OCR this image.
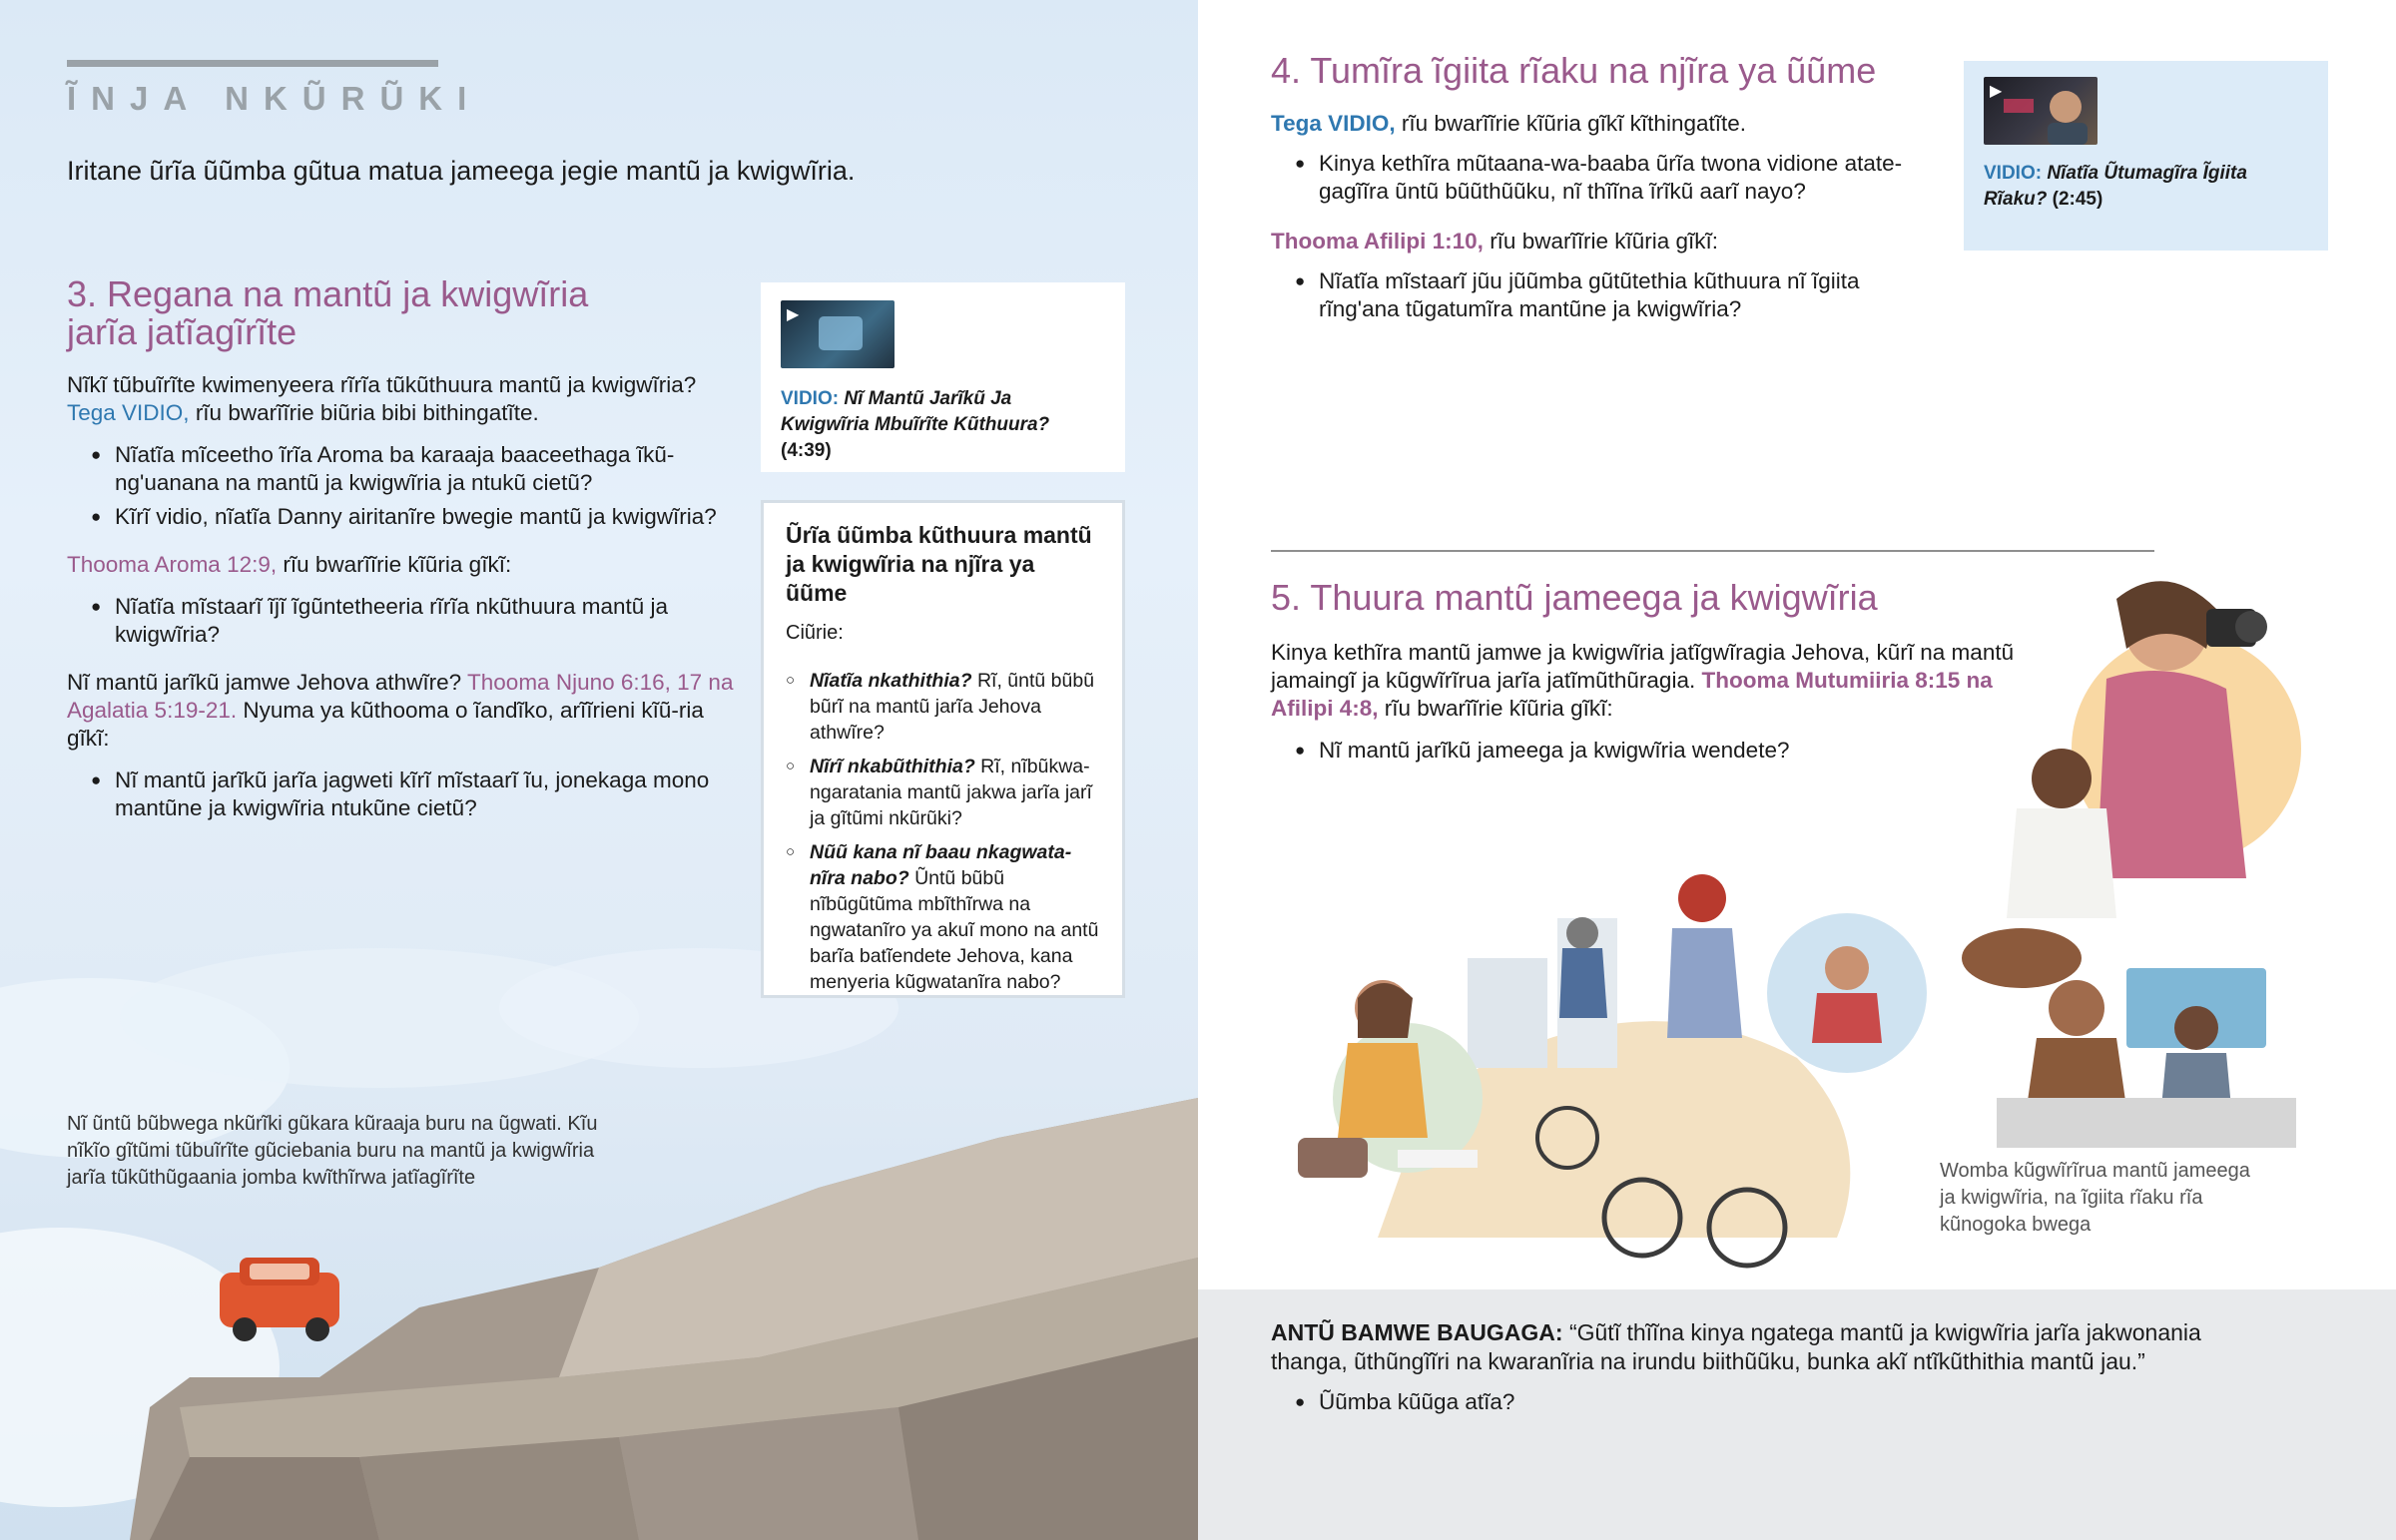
ĨNJA NKŨRŨKI
Iritane ũrĩa ũũmba gũtua matua jameega jegie mantũ ja kwigwĩria.
3. Regana na mantũ ja kwigwĩria
jarĩa jatĩagĩrĩte

Nĩkĩ tũbuĩrĩte kwimenyeera rĩrĩa tũkũthuura mantũ ja kwigwĩria?
Tega VIDIO, rĩu bwarĩĩrie biũria bibi bithingatĩte.

● Nĩatĩa mĩceetho ĩrĩa Aroma ba karaaja baaceethaga ĩkũ-ng'uanana na mantũ ja kwigwĩria ja ntukũ cietũ?
● Kĩrĩ vidio, nĩatĩa Danny airitanĩre bwegie mantũ ja kwigwĩria?

Thooma Aroma 12:9, rĩu bwarĩĩrie kĩũria gĩkĩ:

● Nĩatĩa mĩstaarĩ ĩjĩ ĩgũntetheeria rĩrĩa nkũthuura mantũ ja kwigwĩria?

Nĩ mantũ jarĩkũ jamwe Jehova athwĩre? Thooma Njuno 6:16, 17 na Agalatia 5:19-21. Nyuma ya kũthooma o ĩandĩko, arĩĩrieni kĩũ-ria gĩkĩ:

● Nĩ mantũ jarĩkũ jarĩa jagweti kĩrĩ mĩstaarĩ ĩu, jonekaga mono mantũne ja kwigwĩria ntukũne cietũ?
▶
VIDIO: Nĩ Mantũ Jarĩkũ Ja Kwigwĩria Mbuĩrĩte Kũthuura? (4:39)
Ũrĩa ũũmba kũthuura mantũ ja kwigwĩria na njĩra ya ũũme

Ciũrie:

○ Nĩatĩa nkathithia? Rĩ, ũntũ bũbũ bũrĩ na mantũ jarĩa Jehova athwĩre?
○ Nĩrĩ nkabũthithia? Rĩ, nĩbũkwa-ngaratania mantũ jakwa jarĩa jarĩ ja gĩtũmi nkũrũki?
○ Nũũ kana nĩ baau nkagwata-nĩra nabo? Ũntũ bũbũ nĩbũgũtũma mbĩthĩrwa na ngwatanĩro ya akuĩ mono na antũ barĩa batĩendete Jehova, kana menyeria kũgwatanĩra nabo?
Nĩ ũntũ bũbwega nkũrĩki gũkara kũraaja buru na ũgwati. Kĩu nĩkĩo gĩtũmi tũbuĩrĩte gũciebania buru na mantũ ja kwigwĩria jarĩa tũkũthũgaania jomba kwĩthĩrwa jatĩagĩrĩte
4. Tumĩra ĩgiita rĩaku na njĩra ya ũũme

Tega VIDIO, rĩu bwarĩĩrie kĩũria gĩkĩ kĩthingatĩte.

● Kinya kethĩra mũtaana-wa-baaba ũrĩa twona vidione atate-gagĩĩra ũntũ bũũthũũku, nĩ thĩĩna ĩrĩkũ aarĩ nayo?

Thooma Afilipi 1:10, rĩu bwarĩĩrie kĩũria gĩkĩ:

● Nĩatĩa mĩstaarĩ jũu jũũmba gũtũtethia kũthuura nĩ ĩgiita rĩng'ana tũgatumĩra mantũne ja kwigwĩria?
▶
VIDIO: Nĩatĩa Ũtumagĩra Ĩgiita Rĩaku? (2:45)
5. Thuura mantũ jameega ja kwigwĩria

Kinya kethĩra mantũ jamwe ja kwigwĩria jatĩgwĩragia Jehova, kũrĩ na mantũ jamaingĩ ja kũgwĩrĩrua jarĩa jatĩmũthũragia. Thooma Mutumiiria 8:15 na Afilipi 4:8, rĩu bwarĩĩrie kĩũria gĩkĩ:

● Nĩ mantũ jarĩkũ jameega ja kwigwĩria wendete?
Womba kũgwĩrĩrua mantũ jameega ja kwigwĩria, na ĩgiita rĩaku rĩa kũnogoka bwega

ANTŨ BAMWE BAUGAGA: “Gũtĩ thĩĩna kinya ngatega mantũ ja kwigwĩria jarĩa jakwonania thanga, ũthũngĩĩri na kwaranĩria na irundu biithũũku, bunka akĩ ntĩkũthithia mantũ jau.”

● Ũũmba kũũga atĩa?
